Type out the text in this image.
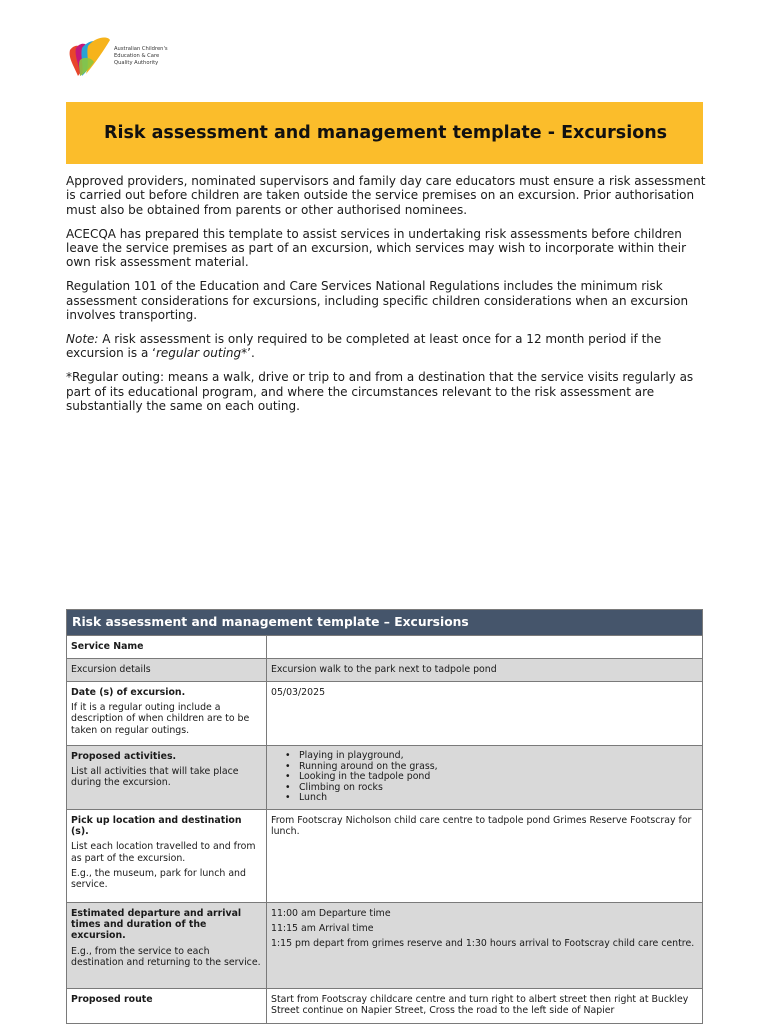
Australian Children's
Education & Care
Quality Authority
Risk assessment and management template - Excursions

Approved providers, nominated supervisors and family day care educators must ensure a risk assessment is carried out before children are taken outside the service premises on an excursion. Prior authorisation must also be obtained from parents or other authorised nominees.

ACECQA has prepared this template to assist services in undertaking risk assessments before children leave the service premises as part of an excursion, which services may wish to incorporate within their own risk assessment material.

Regulation 101 of the Education and Care Services National Regulations includes the minimum risk assessment considerations for excursions, including specific children considerations when an excursion involves transporting.

Note: A risk assessment is only required to be completed at least once for a 12 month period if the excursion is a ‘regular outing*’.

*Regular outing: means a walk, drive or trip to and from a destination that the service visits regularly as part of its educational program, and where the circumstances relevant to the risk assessment are substantially the same on each outing.

Risk assessment and management template – Excursions
Service Name
Excursion details	Excursion walk to the park next to tadpole pond
Date (s) of excursion.
If it is a regular outing include a description of when children are to be taken on regular outings.
05/03/2025
Proposed activities.
List all activities that will take place during the excursion.
• Playing in playground,
• Running around on the grass,
• Looking in the tadpole pond
• Climbing on rocks
• Lunch
Pick up location and destination (s).
List each location travelled to and from as part of the excursion.
E.g., the museum, park for lunch and service.
From Footscray Nicholson child care centre to tadpole pond Grimes Reserve Footscray for lunch.
Estimated departure and arrival times and duration of the excursion.
E.g., from the service to each destination and returning to the service.
11:00 am Departure time
11:15 am Arrival time
1:15 pm depart from grimes reserve and 1:30 hours arrival to Footscray child care centre.
Proposed route	Start from Footscray childcare centre and turn right to albert street then right at Buckley Street continue on Napier Street, Cross the road to the left side of Napier
